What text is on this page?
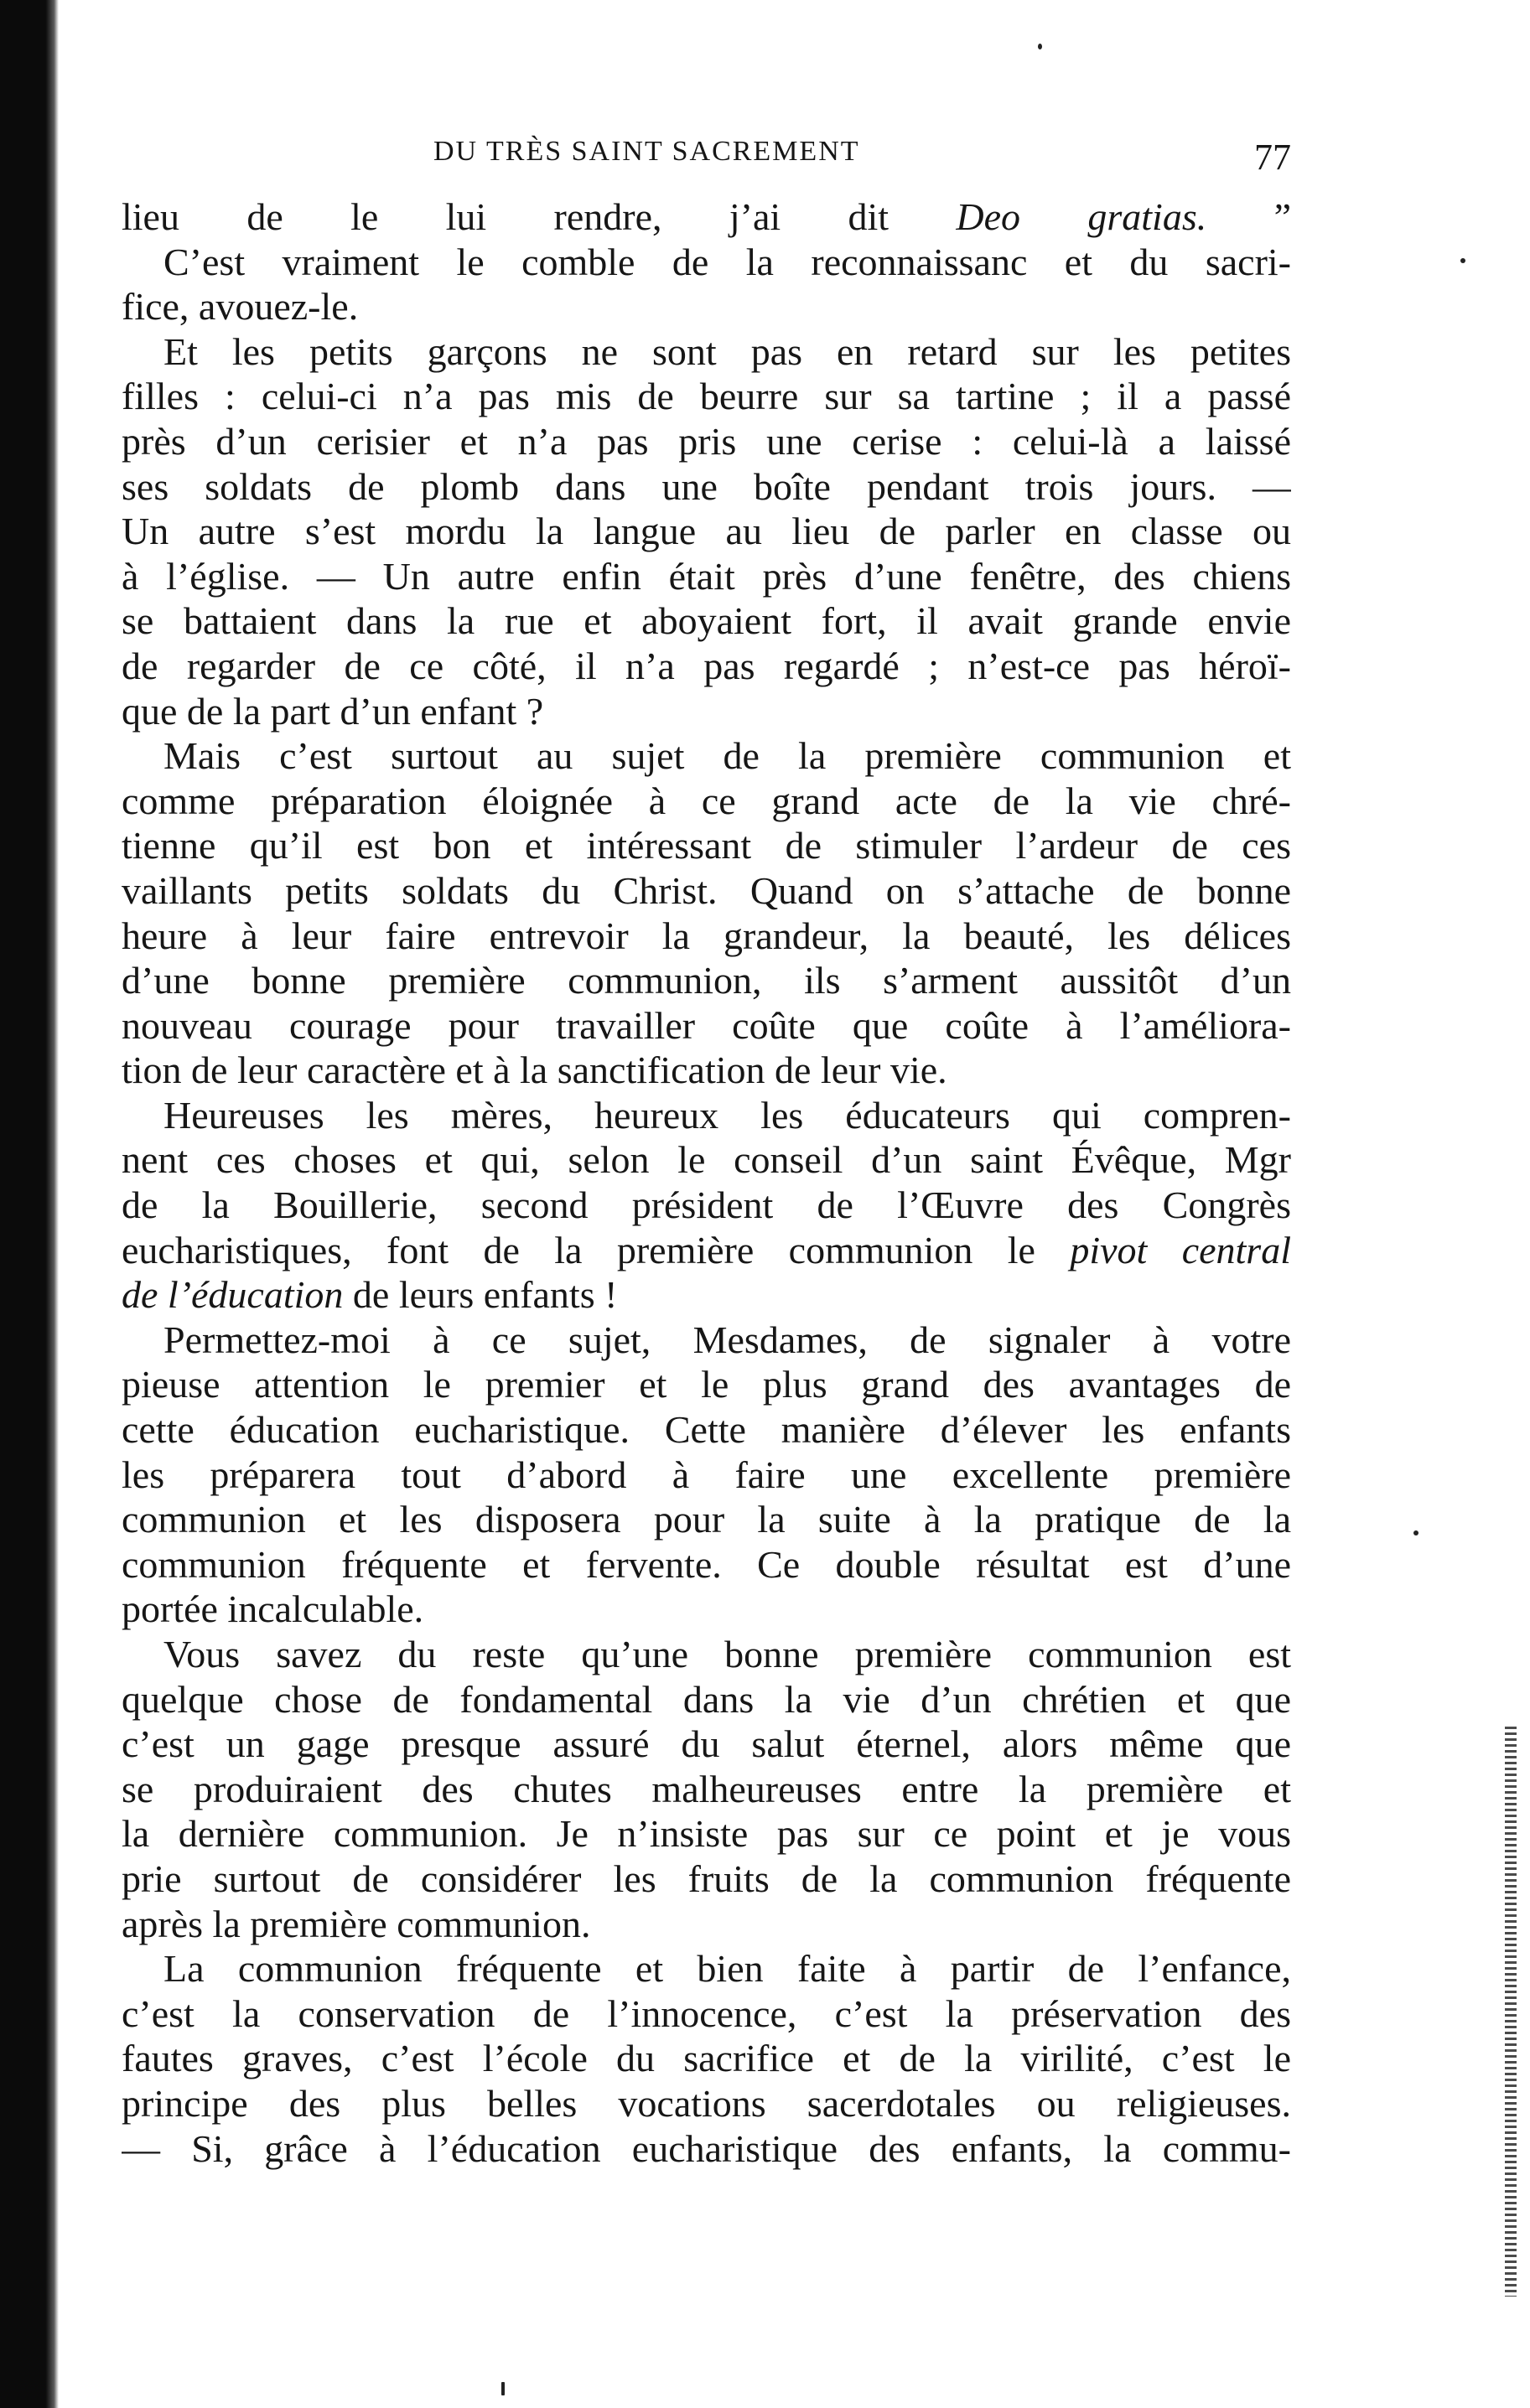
DU TRÈS SAINT SACREMENT	77
lieu de le lui rendre, j’ai dit Deo gratias. ”
C’est vraiment le comble de la reconnaissanc et du sacri-
fice, avouez-le.
Et les petits garçons ne sont pas en retard sur les petites
filles : celui-ci n’a pas mis de beurre sur sa tartine ; il a passé
près d’un cerisier et n’a pas pris une cerise : celui-là a laissé
ses soldats de plomb dans une boîte pendant trois jours. —
Un autre s’est mordu la langue au lieu de parler en classe ou
à l’église. — Un autre enfin était près d’une fenêtre, des chiens
se battaient dans la rue et aboyaient fort, il avait grande envie
de regarder de ce côté, il n’a pas regardé ; n’est-ce pas héroï-
que de la part d’un enfant ?
Mais c’est surtout au sujet de la première communion et
comme préparation éloignée à ce grand acte de la vie chré-
tienne qu’il est bon et intéressant de stimuler l’ardeur de ces
vaillants petits soldats du Christ. Quand on s’attache de bonne
heure à leur faire entrevoir la grandeur, la beauté, les délices
d’une bonne première communion, ils s’arment aussitôt d’un
nouveau courage pour travailler coûte que coûte à l’améliora-
tion de leur caractère et à la sanctification de leur vie.
Heureuses les mères, heureux les éducateurs qui compren-
nent ces choses et qui, selon le conseil d’un saint Évêque, Mgr
de la Bouillerie, second président de l’Œuvre des Congrès
eucharistiques, font de la première communion le pivot central
de l’éducation de leurs enfants !
Permettez-moi à ce sujet, Mesdames, de signaler à votre
pieuse attention le premier et le plus grand des avantages de
cette éducation eucharistique. Cette manière d’élever les enfants
les préparera tout d’abord à faire une excellente première
communion et les disposera pour la suite à la pratique de la
communion fréquente et fervente. Ce double résultat est d’une
portée incalculable.
Vous savez du reste qu’une bonne première communion est
quelque chose de fondamental dans la vie d’un chrétien et que
c’est un gage presque assuré du salut éternel, alors même que
se produiraient des chutes malheureuses entre la première et
la dernière communion. Je n’insiste pas sur ce point et je vous
prie surtout de considérer les fruits de la communion fréquente
après la première communion.
La communion fréquente et bien faite à partir de l’enfance,
c’est la conservation de l’innocence, c’est la préservation des
fautes graves, c’est l’école du sacrifice et de la virilité, c’est le
principe des plus belles vocations sacerdotales ou religieuses.
— Si, grâce à l’éducation eucharistique des enfants, la commu-
